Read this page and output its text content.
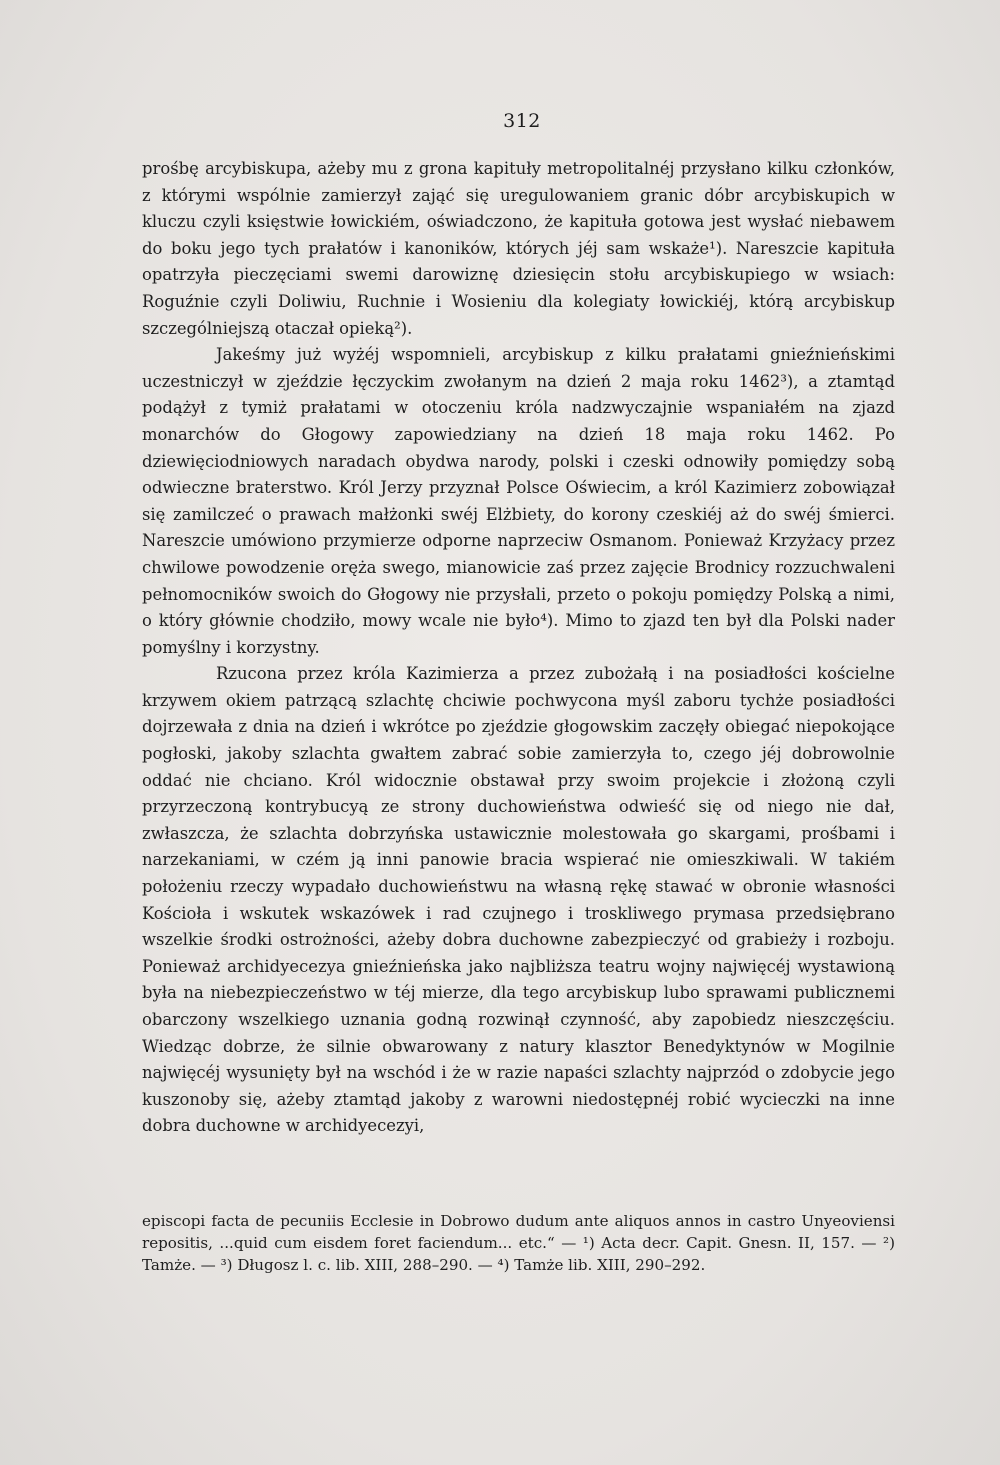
312

prośbę arcybiskupa, ażeby mu z grona kapituły metropolitalnéj przysłano kilku członków, z którymi wspólnie zamierzył zająć się uregulowaniem granic dóbr arcybiskupich w kluczu czyli księstwie łowickiém, oświadczono, że kapituła gotowa jest wysłać niebawem do boku jego tych prałatów i kanoników, których jéj sam wskaże¹). Nareszcie kapituła opatrzyła pieczęciami swemi darowiznę dziesięcin stołu arcybiskupiego w wsiach: Roguźnie czyli Doliwiu, Ruchnie i Wosieniu dla kolegiaty łowickiéj, którą arcybiskup szczególniejszą otaczał opieką²).

Jakeśmy już wyżéj wspomnieli, arcybiskup z kilku prałatami gnieźnieńskimi uczestniczył w zjeździe łęczyckim zwołanym na dzień 2 maja roku 1462³), a ztamtąd podążył z tymiż prałatami w otoczeniu króla nadzwyczajnie wspaniałém na zjazd monarchów do Głogowy zapowiedziany na dzień 18 maja roku 1462. Po dziewięciodniowych naradach obydwa narody, polski i czeski odnowiły pomiędzy sobą odwieczne braterstwo. Król Jerzy przyznał Polsce Oświecim, a król Kazimierz zobowiązał się zamilczeć o prawach małżonki swéj Elżbiety, do korony czeskiéj aż do swéj śmierci. Nareszcie umówiono przymierze odporne naprzeciw Osmanom. Ponieważ Krzyżacy przez chwilowe powodzenie oręża swego, mianowicie zaś przez zajęcie Brodnicy rozzuchwaleni pełnomocników swoich do Głogowy nie przysłali, przeto o pokoju pomiędzy Polską a nimi, o który głównie chodziło, mowy wcale nie było⁴). Mimo to zjazd ten był dla Polski nader pomyślny i korzystny.

Rzucona przez króla Kazimierza a przez zubożałą i na posiadłości kościelne krzywem okiem patrzącą szlachtę chciwie pochwycona myśl zaboru tychże posiadłości dojrzewała z dnia na dzień i wkrótce po zjeździe głogowskim zaczęły obiegać niepokojące pogłoski, jakoby szlachta gwałtem zabrać sobie zamierzyła to, czego jéj dobrowolnie oddać nie chciano. Król widocznie obstawał przy swoim projekcie i złożoną czyli przyrzeczoną kontrybucyą ze strony duchowieństwa odwieść się od niego nie dał, zwłaszcza, że szlachta dobrzyńska ustawicznie molestowała go skargami, prośbami i narzekaniami, w czém ją inni panowie bracia wspierać nie omieszkiwali. W takiém położeniu rzeczy wypadało duchowieństwu na własną rękę stawać w obronie własności Kościoła i wskutek wskazówek i rad czujnego i troskliwego prymasa przedsiębrano wszelkie środki ostrożności, ażeby dobra duchowne zabezpieczyć od grabieży i rozboju. Ponieważ archidyecezya gnieźnieńska jako najbliższa teatru wojny najwięcéj wystawioną była na niebezpieczeństwo w téj mierze, dla tego arcybiskup lubo sprawami publicznemi obarczony wszelkiego uznania godną rozwinął czynność, aby zapobiedz nieszczęściu. Wiedząc dobrze, że silnie obwarowany z natury klasztor Benedyktynów w Mogilnie najwięcéj wysunięty był na wschód i że w razie napaści szlachty najprzód o zdobycie jego kuszonoby się, ażeby ztamtąd jakoby z warowni niedostępnéj robić wycieczki na inne dobra duchowne w archidyecezyi,

episcopi facta de pecuniis Ecclesie in Dobrowo dudum ante aliquos annos in castro Unyeoviensi repositis, ...quid cum eisdem foret faciendum... etc.“ — ¹) Acta decr. Capit. Gnesn. II, 157. — ²) Tamże. — ³) Długosz l. c. lib. XIII, 288–290. — ⁴) Tamże lib. XIII, 290–292.
